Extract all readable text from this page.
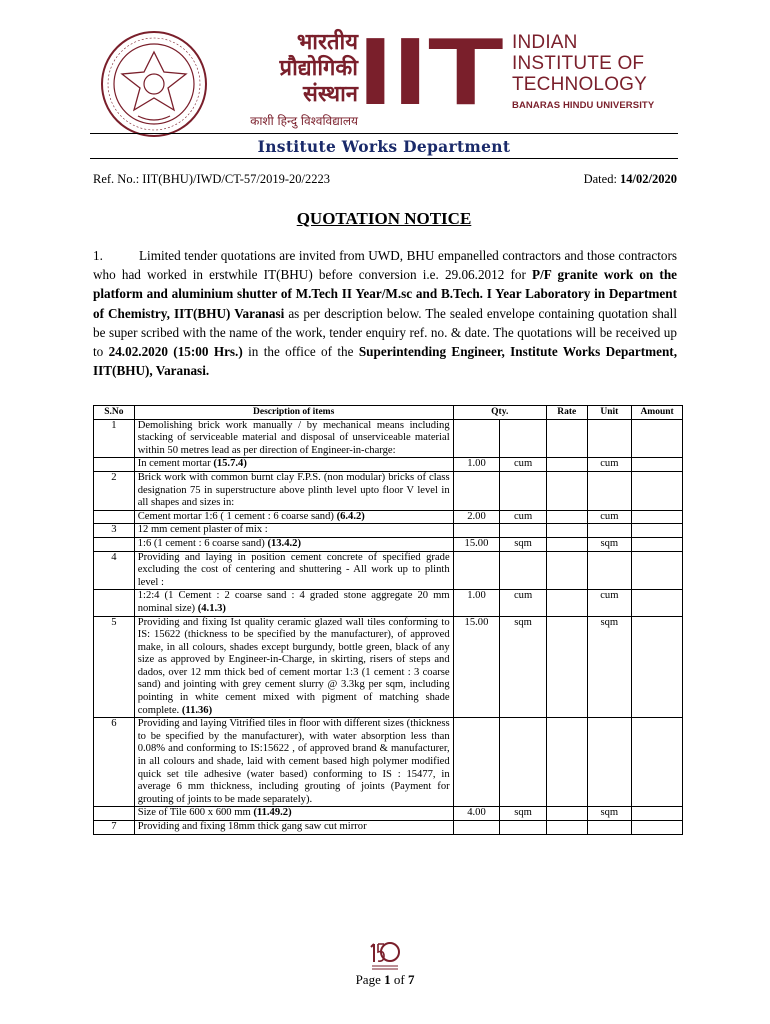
भारतीय
प्रौद्योगिकी
संस्थान
काशी हिन्दु विश्वविद्यालय IIT INDIAN
INSTITUTE OF
TECHNOLOGY
BANARAS HINDU UNIVERSITY
Institute Works Department
Ref. No.: IIT(BHU)/IWD/CT-57/2019-20/2223	Dated: 14/02/2020
QUOTATION NOTICE
1.	Limited tender quotations are invited from UWD, BHU empanelled contractors and those contractors who had worked in erstwhile IT(BHU) before conversion i.e. 29.06.2012 for P/F granite work on the platform and aluminium shutter of M.Tech II Year/M.sc and B.Tech. I Year Laboratory in Department of Chemistry, IIT(BHU) Varanasi as per description below. The sealed envelope containing quotation shall be super scribed with the name of the work, tender enquiry ref. no. & date. The quotations will be received up to 24.02.2020 (15:00 Hrs.) in the office of the Superintending Engineer, Institute Works Department, IIT(BHU), Varanasi.
S.No	Description of items	Qty.		Rate	Unit	Amount
1	Demolishing brick work manually / by mechanical means including stacking of serviceable material and disposal of unserviceable material within 50 metres lead as per direction of Engineer-in-charge:					
	In cement mortar (15.7.4)	1.00	cum		cum	
2	Brick work with common burnt clay F.P.S. (non modular) bricks of class designation 75 in superstructure above plinth level upto floor V level in all shapes and sizes in:					
	Cement mortar 1:6 ( 1 cement : 6 coarse sand) (6.4.2)	2.00	cum		cum	
3	12 mm cement plaster of mix :					
	1:6 (1 cement : 6 coarse sand) (13.4.2)	15.00	sqm		sqm	
4	Providing and laying in position cement concrete of specified grade excluding the cost of centering and shuttering - All work up to plinth level :					
	1:2:4 (1 Cement : 2 coarse sand : 4 graded stone aggregate 20 mm nominal size) (4.1.3)	1.00	cum		cum	
5	Providing and fixing Ist quality ceramic glazed wall tiles conforming to IS: 15622 (thickness to be specified by the manufacturer), of approved make, in all colours, shades except burgundy, bottle green, black of any size as approved by Engineer-in-Charge, in skirting, risers of steps and dados, over 12 mm thick bed of cement mortar 1:3 (1 cement : 3 coarse sand) and jointing with grey cement slurry @ 3.3kg per sqm, including pointing in white cement mixed with pigment of matching shade complete. (11.36)	15.00	sqm		sqm	
6	Providing and laying Vitrified tiles in floor with different sizes (thickness to be specified by the manufacturer), with water absorption less than 0.08% and conforming to IS:15622 , of approved brand & manufacturer, in all colours and shade, laid with cement based high polymer modified quick set tile adhesive (water based) conforming to IS : 15477, in average 6 mm thickness, including grouting of joints (Payment for grouting of joints to be made separately).					
	Size of Tile 600 x 600 mm (11.49.2)	4.00	sqm		sqm	
7	Providing and fixing 18mm thick gang saw cut mirror					
Page 1 of 7
